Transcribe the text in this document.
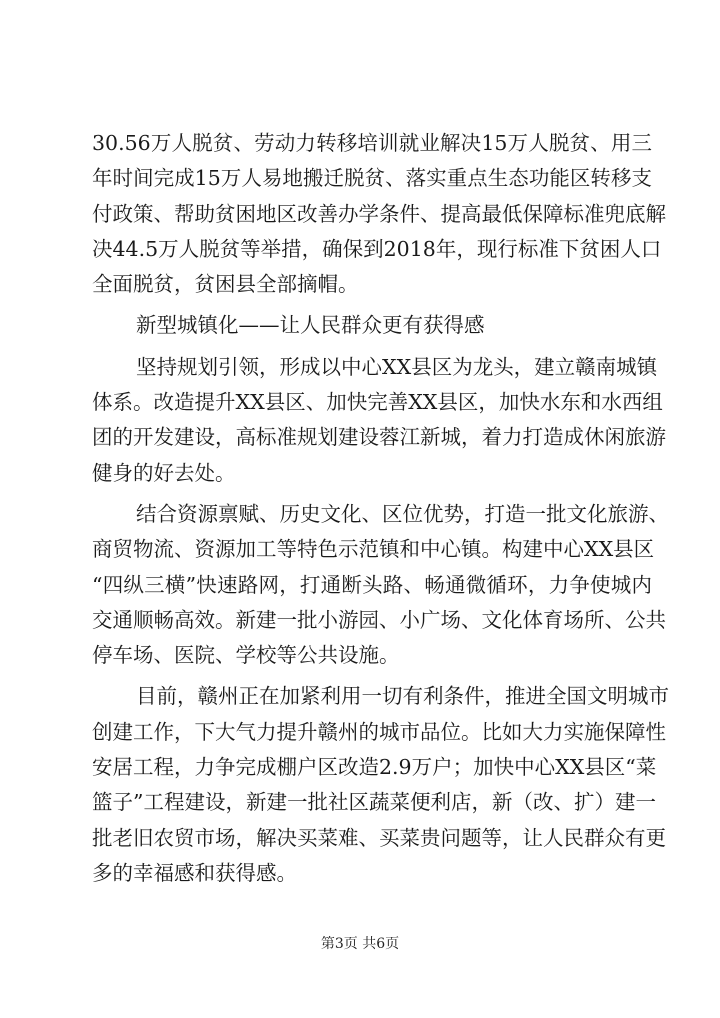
30.56万人脱贫、劳动力转移培训就业解决15万人脱贫、用三
年时间完成15万人易地搬迁脱贫、落实重点生态功能区转移支
付政策、帮助贫困地区改善办学条件、提高最低保障标准兜底解
决44.5万人脱贫等举措，确保到2018年，现行标准下贫困人口
全面脱贫，贫困县全部摘帽。
新型城镇化——让人民群众更有获得感
坚持规划引领，形成以中心XX县区为龙头，建立赣南城镇
体系。改造提升XX县区、加快完善XX县区，加快水东和水西组
团的开发建设，高标准规划建设蓉江新城，着力打造成休闲旅游
健身的好去处。
结合资源禀赋、历史文化、区位优势，打造一批文化旅游、
商贸物流、资源加工等特色示范镇和中心镇。构建中心XX县区
“四纵三横”快速路网，打通断头路、畅通微循环，力争使城内
交通顺畅高效。新建一批小游园、小广场、文化体育场所、公共
停车场、医院、学校等公共设施。
目前，赣州正在加紧利用一切有利条件，推进全国文明城市
创建工作，下大气力提升赣州的城市品位。比如大力实施保障性
安居工程，力争完成棚户区改造2.9万户；加快中心XX县区“菜
篮子”工程建设，新建一批社区蔬菜便利店，新（改、扩）建一
批老旧农贸市场，解决买菜难、买菜贵问题等，让人民群众有更
多的幸福感和获得感。
第3页 共6页
